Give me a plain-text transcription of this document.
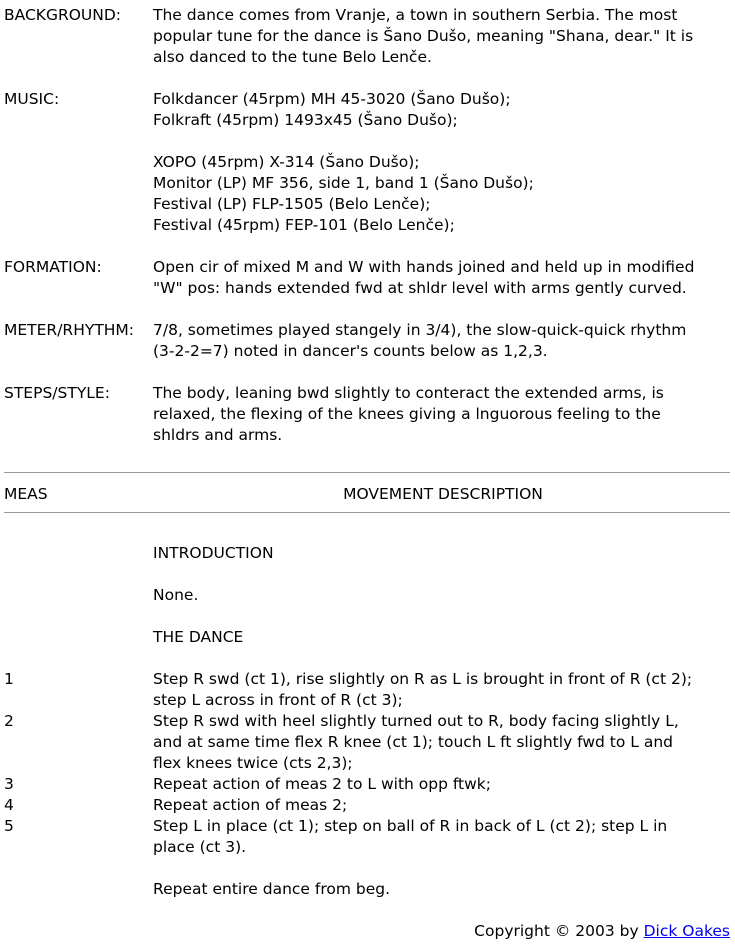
BACKGROUND: The dance comes from Vranje, a town in southern Serbia. The most
popular tune for the dance is Šano Dušo, meaning "Shana, dear." It is
also danced to the tune Belo Lenče.
MUSIC:	Folkdancer (45rpm) MH 45-3020 (Šano Dušo);
Folkraft (45rpm) 1493x45 (Šano Dušo);
XOPO (45rpm) X-314 (Šano Dušo);
Monitor (LP) MF 356, side 1, band 1 (Šano Dušo);
Festival (LP) FLP-1505 (Belo Lenče);
Festival (45rpm) FEP-101 (Belo Lenče);
FORMATION:	Open cir of mixed M and W with hands joined and held up in modified
"W" pos: hands extended fwd at shldr level with arms gently curved.
METER/RHYTHM: 7/8, sometimes played stangely in 3/4), the slow-quick-quick rhythm
(3-2-2=7) noted in dancer's counts below as 1,2,3.
STEPS/STYLE:	The body, leaning bwd slightly to conteract the extended arms, is
relaxed, the flexing of the knees giving a lnguorous feeling to the
shldrs and arms.
MEAS	MOVEMENT DESCRIPTION
INTRODUCTION
None.
THE DANCE
1	Step R swd (ct 1), rise slightly on R as L is brought in front of R (ct 2);
step L across in front of R (ct 3);
2	Step R swd with heel slightly turned out to R, body facing slightly L,
and at same time flex R knee (ct 1); touch L ft slightly fwd to L and
flex knees twice (cts 2,3);
3	Repeat action of meas 2 to L with opp ftwk;
4	Repeat action of meas 2;
5	Step L in place (ct 1); step on ball of R in back of L (ct 2); step L in
place (ct 3).
Repeat entire dance from beg.
Copyright © 2003 by Dick Oakes
